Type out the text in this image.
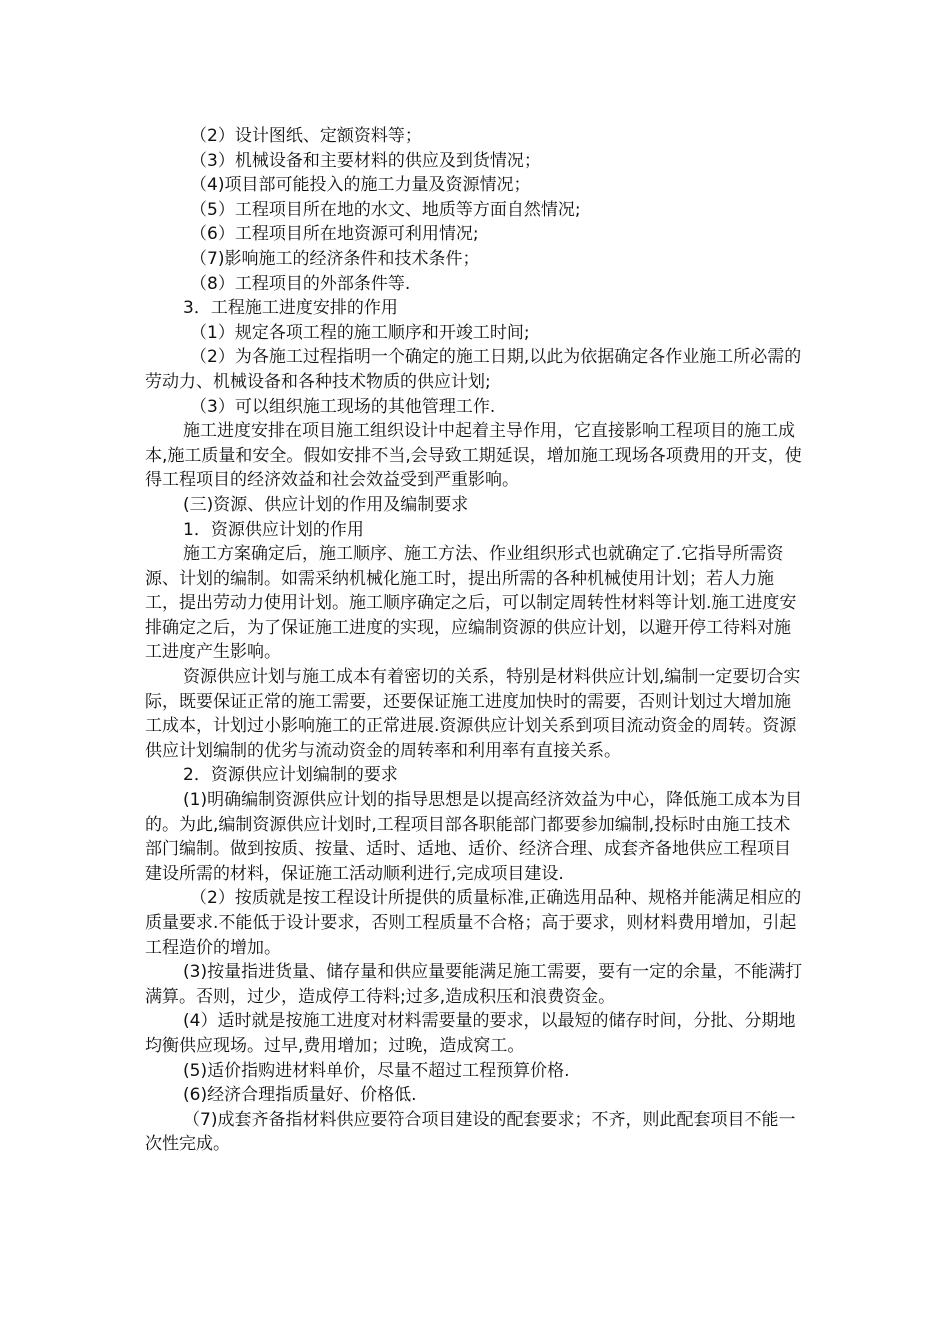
（2）设计图纸、定额资料等；

（3）机械设备和主要材料的供应及到货情况；

（4)项目部可能投入的施工力量及资源情况；

（5）工程项目所在地的水文、地质等方面自然情况;

（6）工程项目所在地资源可利用情况;

（7)影响施工的经济条件和技术条件；

（8）工程项目的外部条件等.

3．工程施工进度安排的作用

（1）规定各项工程的施工顺序和开竣工时间;

（2）为各施工过程指明一个确定的施工日期,以此为依据确定各作业施工所必需的劳动力、机械设备和各种技术物质的供应计划;

（3）可以组织施工现场的其他管理工作.

施工进度安排在项目施工组织设计中起着主导作用，它直接影响工程项目的施工成本,施工质量和安全。假如安排不当,会导致工期延误，增加施工现场各项费用的开支，使得工程项目的经济效益和社会效益受到严重影响。

(三)资源、供应计划的作用及编制要求

1．资源供应计划的作用

施工方案确定后，施工顺序、施工方法、作业组织形式也就确定了.它指导所需资源、计划的编制。如需采纳机械化施工时，提出所需的各种机械使用计划；若人力施工，提出劳动力使用计划。施工顺序确定之后，可以制定周转性材料等计划.施工进度安排确定之后，为了保证施工进度的实现，应编制资源的供应计划，以避开停工待料对施工进度产生影响。

资源供应计划与施工成本有着密切的关系，特别是材料供应计划,编制一定要切合实际，既要保证正常的施工需要，还要保证施工进度加快时的需要，否则计划过大增加施工成本，计划过小影响施工的正常进展.资源供应计划关系到项目流动资金的周转。资源供应计划编制的优劣与流动资金的周转率和利用率有直接关系。

2．资源供应计划编制的要求

(1)明确编制资源供应计划的指导思想是以提高经济效益为中心，降低施工成本为目的。为此,编制资源供应计划时,工程项目部各职能部门都要参加编制,投标时由施工技术部门编制。做到按质、按量、适时、适地、适价、经济合理、成套齐备地供应工程项目建设所需的材料，保证施工活动顺利进行,完成项目建设.

（2）按质就是按工程设计所提供的质量标准,正确选用品种、规格并能满足相应的质量要求.不能低于设计要求，否则工程质量不合格；高于要求，则材料费用增加，引起工程造价的增加。

(3)按量指进货量、储存量和供应量要能满足施工需要，要有一定的余量，不能满打满算。否则，过少，造成停工待料;过多,造成积压和浪费资金。

(4）适时就是按施工进度对材料需要量的要求，以最短的储存时间，分批、分期地均衡供应现场。过早,费用增加；过晚，造成窝工。

(5)适价指购进材料单价，尽量不超过工程预算价格.

(6)经济合理指质量好、价格低.

（7)成套齐备指材料供应要符合项目建设的配套要求；不齐，则此配套项目不能一次性完成。
